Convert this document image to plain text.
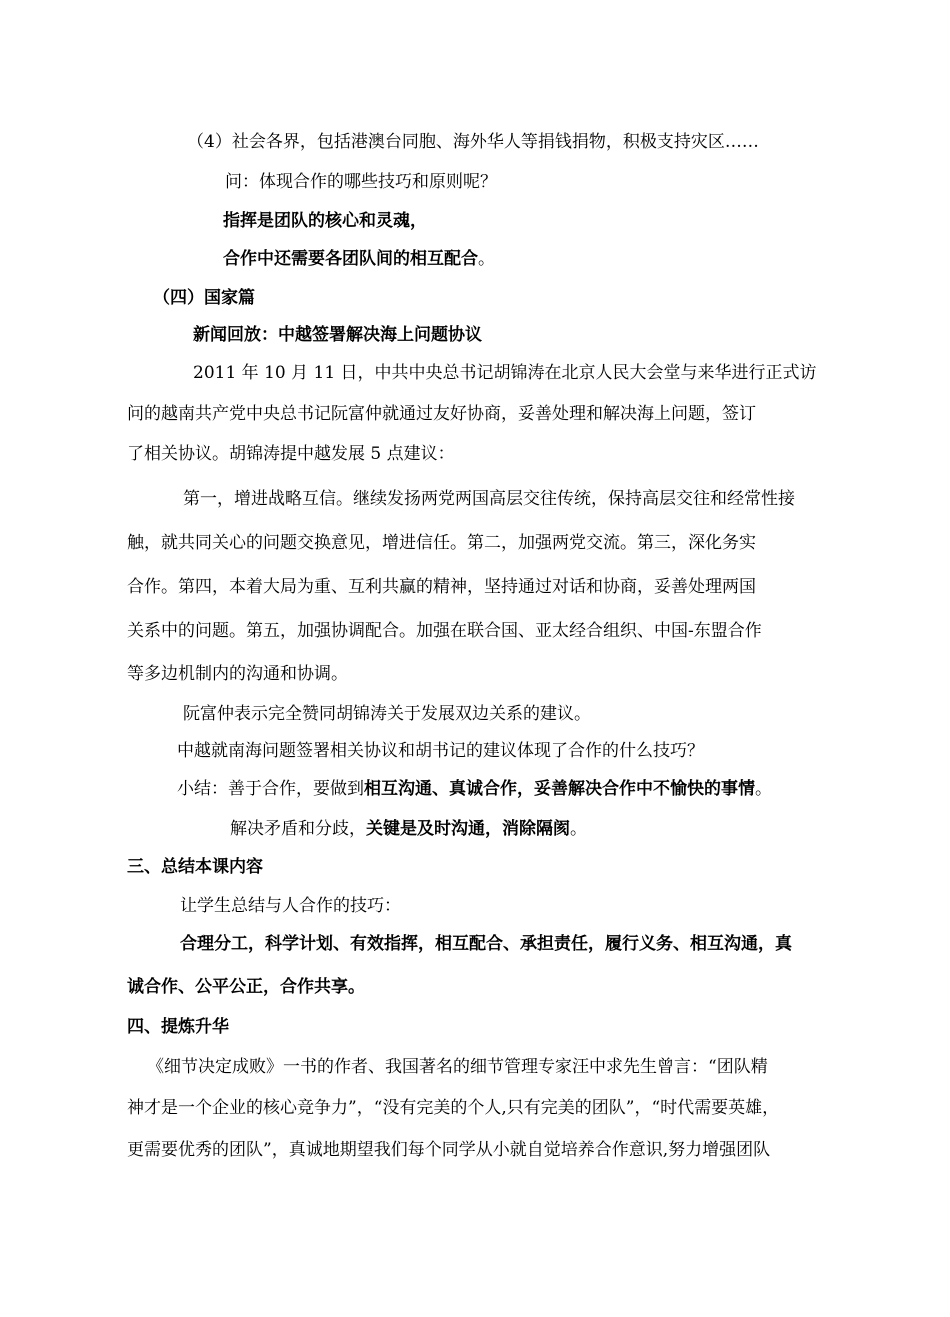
（4）社会各界，包括港澳台同胞、海外华人等捐钱捐物，积极支持灾区……
问：体现合作的哪些技巧和原则呢？
指挥是团队的核心和灵魂，
合作中还需要各团队间的相互配合。
（四）国家篇
新闻回放：中越签署解决海上问题协议
2011 年 10 月 11 日，中共中央总书记胡锦涛在北京人民大会堂与来华进行正式访
问的越南共产党中央总书记阮富仲就通过友好协商，妥善处理和解决海上问题，签订
了相关协议。胡锦涛提中越发展 5 点建议：
第一，增进战略互信。继续发扬两党两国高层交往传统，保持高层交往和经常性接
触，就共同关心的问题交换意见，增进信任。第二，加强两党交流。第三，深化务实
合作。第四，本着大局为重、互利共赢的精神，坚持通过对话和协商，妥善处理两国
关系中的问题。第五，加强协调配合。加强在联合国、亚太经合组织、中国-东盟合作
等多边机制内的沟通和协调。
阮富仲表示完全赞同胡锦涛关于发展双边关系的建议。
中越就南海问题签署相关协议和胡书记的建议体现了合作的什么技巧？
小结：善于合作，要做到相互沟通、真诚合作，妥善解决合作中不愉快的事情。
解决矛盾和分歧，关键是及时沟通，消除隔阂。
三、总结本课内容
让学生总结与人合作的技巧：
合理分工，科学计划、有效指挥，相互配合、承担责任，履行义务、相互沟通，真
诚合作、公平公正，合作共享。
四、提炼升华
《细节决定成败》一书的作者、我国著名的细节管理专家汪中求先生曾言：“团队精
神才是一个企业的核心竞争力”，“没有完美的个人,只有完美的团队”，“时代需要英雄，
更需要优秀的团队”，真诚地期望我们每个同学从小就自觉培养合作意识,努力增强团队
